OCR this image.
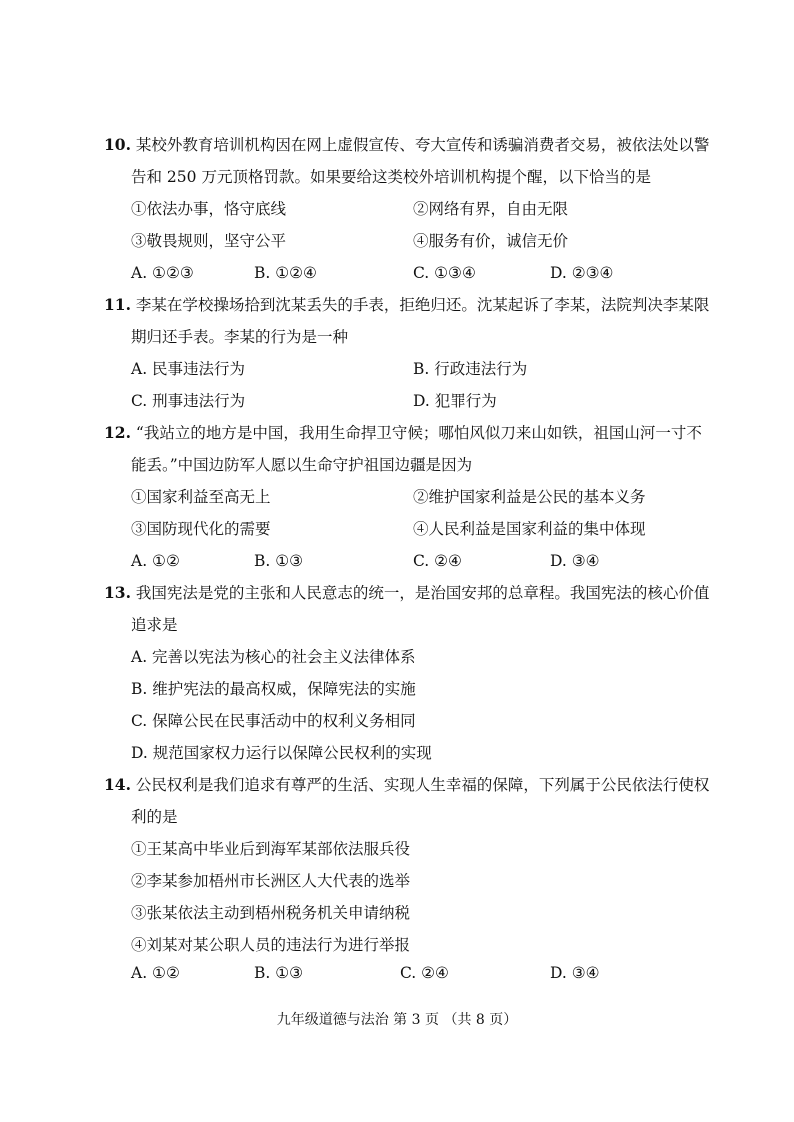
10. 某校外教育培训机构因在网上虚假宣传、夸大宣传和诱骗消费者交易，被依法处以警
告和 250 万元顶格罚款。如果要给这类校外培训机构提个醒，以下恰当的是
①依法办事，恪守底线	②网络有界，自由无限
③敬畏规则，坚守公平	④服务有价，诚信无价
A. ①②③	B. ①②④	C. ①③④	D. ②③④
11. 李某在学校操场拾到沈某丢失的手表，拒绝归还。沈某起诉了李某，法院判决李某限
期归还手表。李某的行为是一种
A. 民事违法行为	B. 行政违法行为
C. 刑事违法行为	D. 犯罪行为
12. “我站立的地方是中国，我用生命捍卫守候；哪怕风似刀来山如铁，祖国山河一寸不
能丢。”中国边防军人愿以生命守护祖国边疆是因为
①国家利益至高无上	②维护国家利益是公民的基本义务
③国防现代化的需要	④人民利益是国家利益的集中体现
A. ①②	B. ①③	C. ②④	D. ③④
13. 我国宪法是党的主张和人民意志的统一，是治国安邦的总章程。我国宪法的核心价值
追求是
A. 完善以宪法为核心的社会主义法律体系
B. 维护宪法的最高权威，保障宪法的实施
C. 保障公民在民事活动中的权利义务相同
D. 规范国家权力运行以保障公民权利的实现
14. 公民权利是我们追求有尊严的生活、实现人生幸福的保障，下列属于公民依法行使权
利的是
①王某高中毕业后到海军某部依法服兵役
②李某参加梧州市长洲区人大代表的选举
③张某依法主动到梧州税务机关申请纳税
④刘某对某公职人员的违法行为进行举报
A. ①②	B. ①③	C. ②④	D. ③④
九年级道德与法治 第 3 页 （共 8 页）
